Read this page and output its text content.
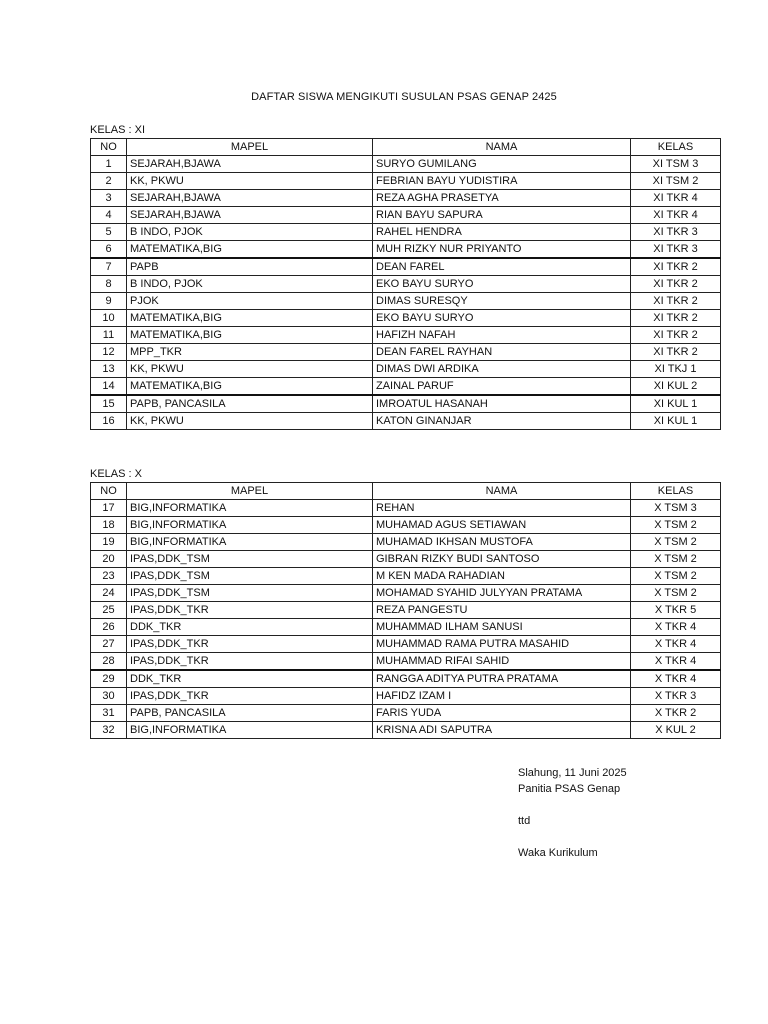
DAFTAR SISWA MENGIKUTI SUSULAN PSAS GENAP 2425
KELAS : XI
NO	MAPEL	NAMA	KELAS
1	SEJARAH,BJAWA	SURYO GUMILANG	XI TSM 3
2	KK, PKWU	FEBRIAN BAYU YUDISTIRA	XI TSM 2
3	SEJARAH,BJAWA	REZA AGHA PRASETYA	XI TKR 4
4	SEJARAH,BJAWA	RIAN BAYU SAPURA	XI TKR 4
5	B INDO, PJOK	RAHEL HENDRA	XI TKR 3
6	MATEMATIKA,BIG	MUH RIZKY NUR PRIYANTO	XI TKR 3
7	PAPB	DEAN FAREL	XI TKR 2
8	B INDO, PJOK	EKO BAYU SURYO	XI TKR 2
9	PJOK	DIMAS SURESQY	XI TKR 2
10	MATEMATIKA,BIG	EKO BAYU SURYO	XI TKR 2
11	MATEMATIKA,BIG	HAFIZH NAFAH	XI TKR 2
12	MPP_TKR	DEAN FAREL RAYHAN	XI TKR 2
13	KK, PKWU	DIMAS DWI ARDIKA	XI TKJ 1
14	MATEMATIKA,BIG	ZAINAL PARUF	XI KUL 2
15	PAPB, PANCASILA	IMROATUL HASANAH	XI KUL 1
16	KK, PKWU	KATON GINANJAR	XI KUL 1
KELAS : X
NO	MAPEL	NAMA	KELAS
17	BIG,INFORMATIKA	REHAN	X TSM 3
18	BIG,INFORMATIKA	MUHAMAD AGUS SETIAWAN	X TSM 2
19	BIG,INFORMATIKA	MUHAMAD IKHSAN MUSTOFA	X TSM 2
20	IPAS,DDK_TSM	GIBRAN RIZKY BUDI SANTOSO	X TSM 2
23	IPAS,DDK_TSM	M KEN MADA RAHADIAN	X TSM 2
24	IPAS,DDK_TSM	MOHAMAD SYAHID JULYYAN PRATAMA	X TSM 2
25	IPAS,DDK_TKR	REZA PANGESTU	X TKR 5
26	DDK_TKR	MUHAMMAD ILHAM SANUSI	X TKR 4
27	IPAS,DDK_TKR	MUHAMMAD RAMA PUTRA MASAHID	X TKR 4
28	IPAS,DDK_TKR	MUHAMMAD RIFAI SAHID	X TKR 4
29	DDK_TKR	RANGGA ADITYA PUTRA PRATAMA	X TKR 4
30	IPAS,DDK_TKR	HAFIDZ IZAM I	X TKR 3
31	PAPB, PANCASILA	FARIS YUDA	X TKR 2
32	BIG,INFORMATIKA	KRISNA ADI SAPUTRA	X KUL 2
Slahung, 11 Juni 2025
Panitia PSAS Genap
ttd
Waka Kurikulum
